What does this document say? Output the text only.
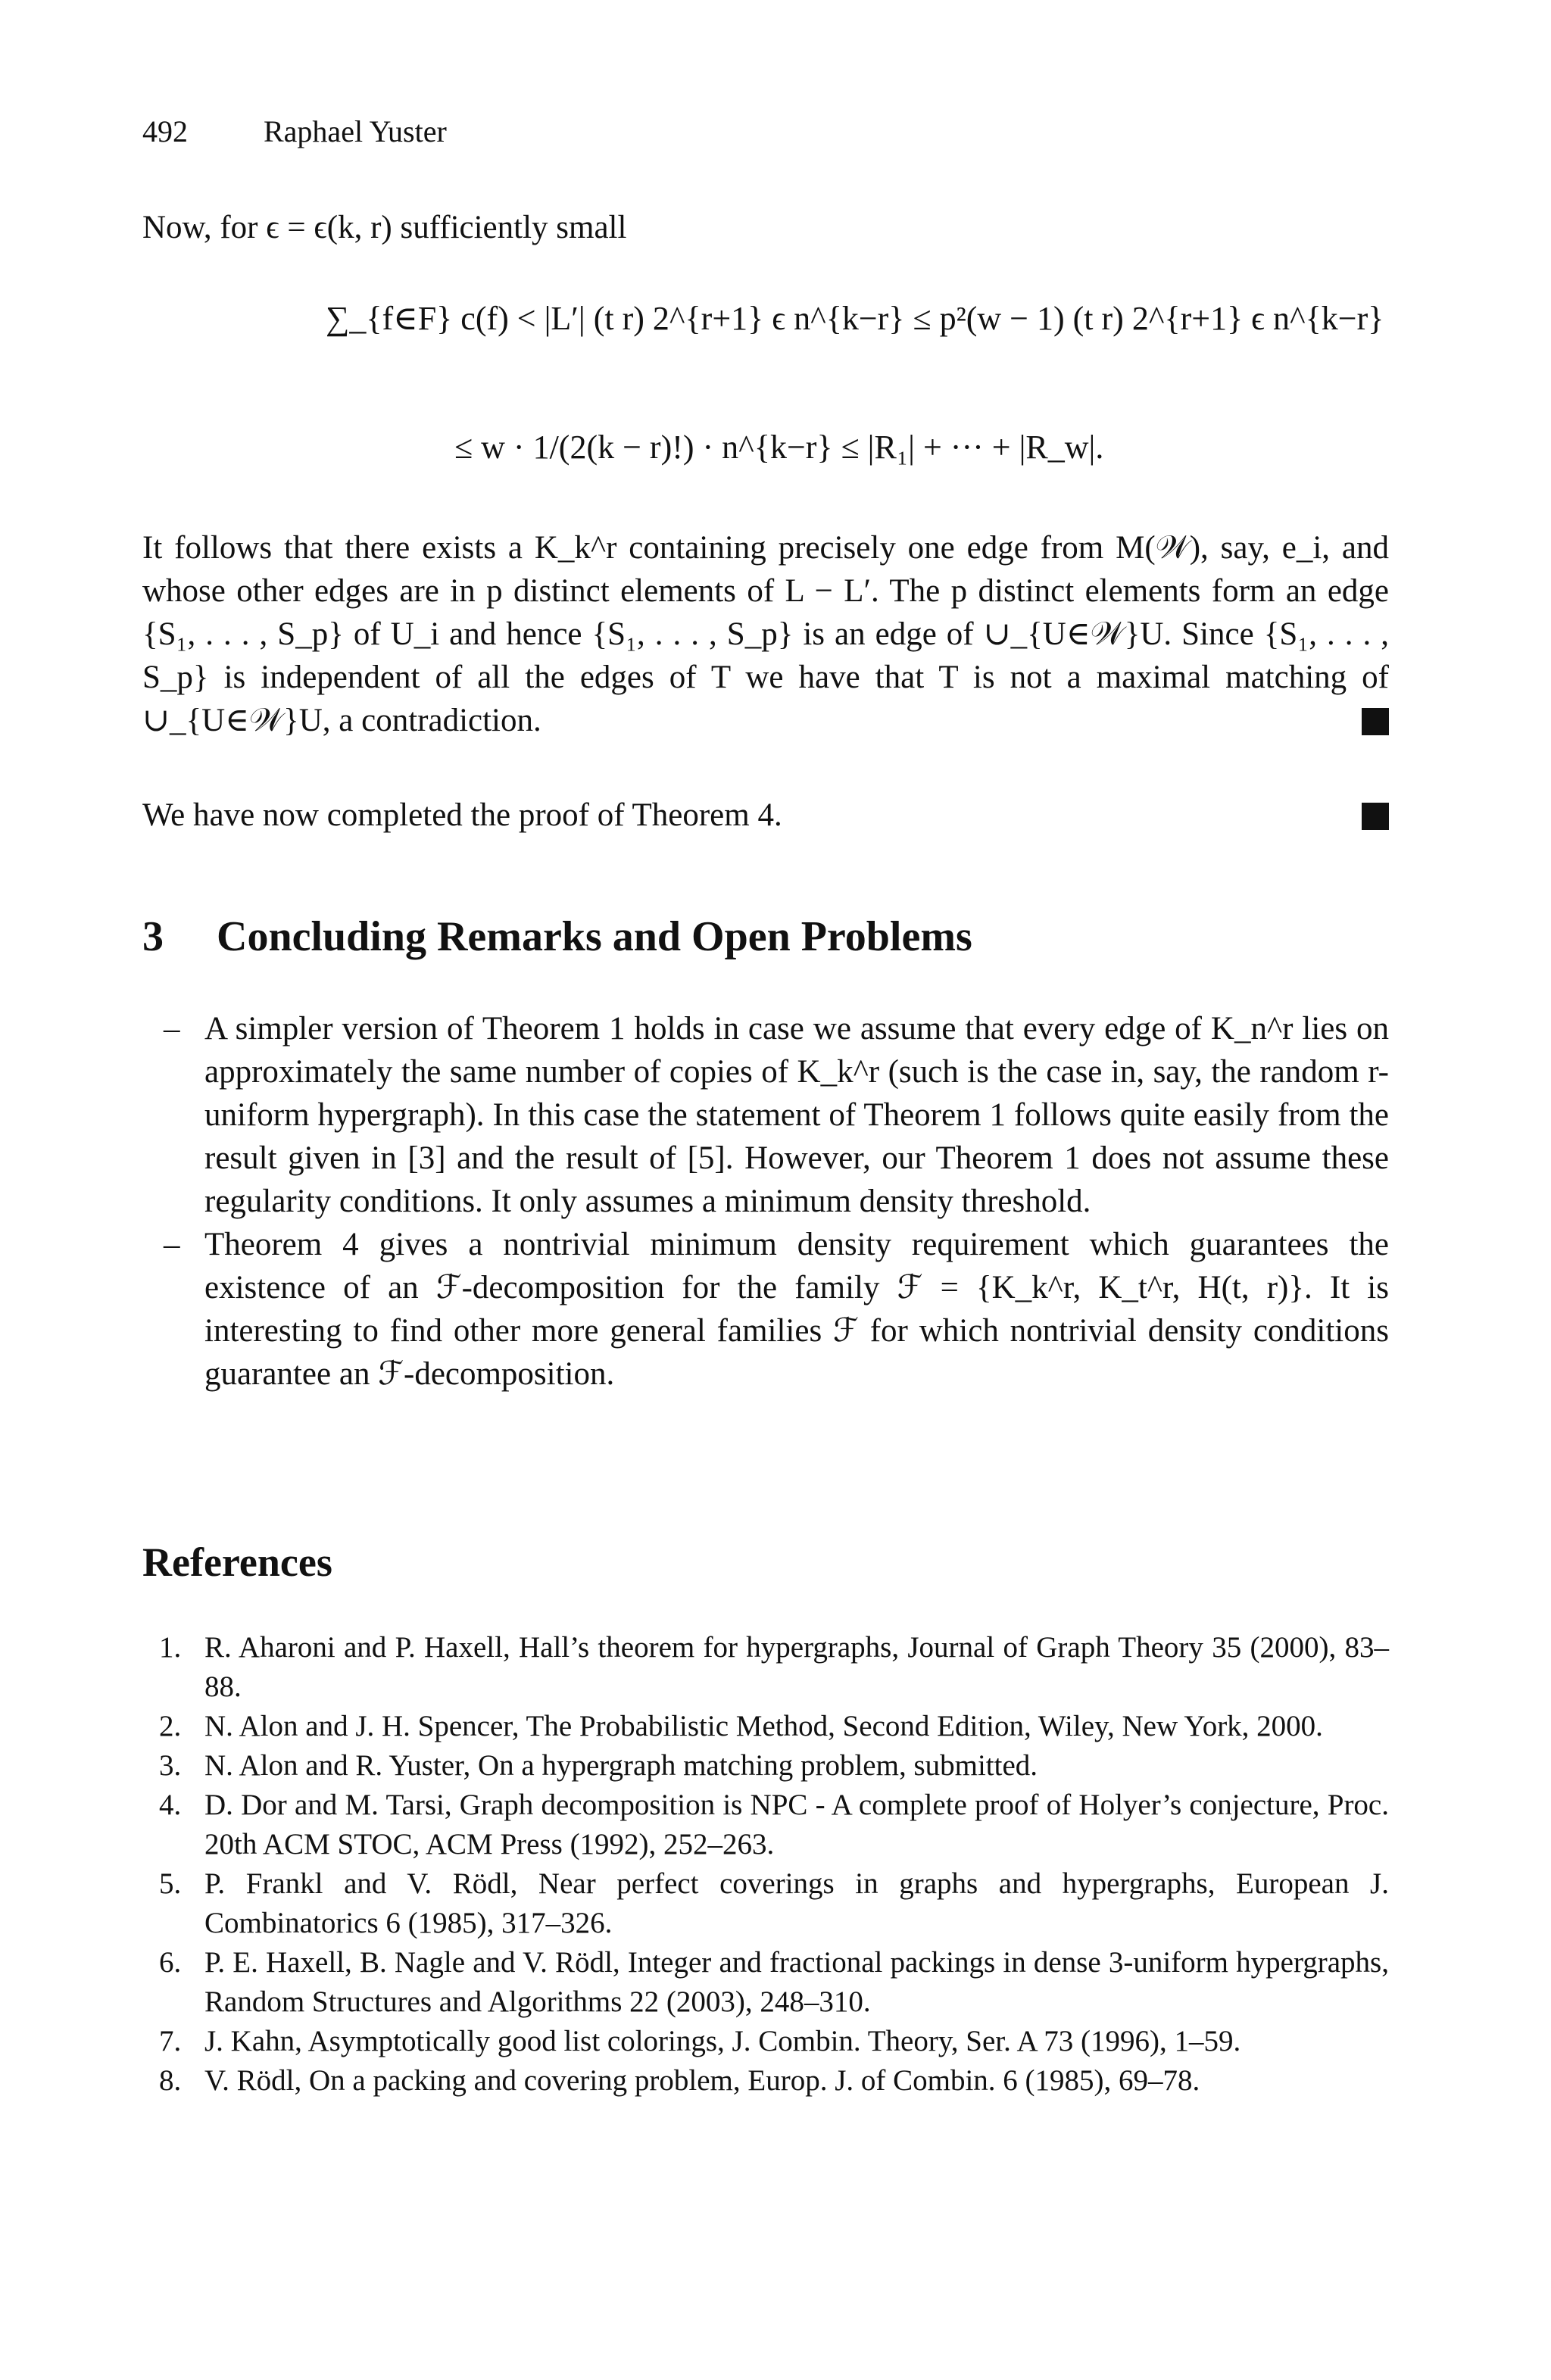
492	Raphael Yuster
Now, for ϵ = ϵ(k, r) sufficiently small
∑_{f∈F} c(f) < |L′| (t r) 2^{r+1} ϵ n^{k−r} ≤ p²(w − 1) (t r) 2^{r+1} ϵ n^{k−r}
≤ w · 1/(2(k − r)!) · n^{k−r} ≤ |R₁| + ··· + |R_w|.
It follows that there exists a K_k^r containing precisely one edge from M(𝒲), say, e_i, and whose other edges are in p distinct elements of L − L′. The p distinct elements form an edge {S₁, . . . , S_p} of U_i and hence {S₁, . . . , S_p} is an edge of ∪_{U∈𝒲}U. Since {S₁, . . . , S_p} is independent of all the edges of T we have that T is not a maximal matching of ∪_{U∈𝒲}U, a contradiction.
We have now completed the proof of Theorem 4.
3 Concluding Remarks and Open Problems
– A simpler version of Theorem 1 holds in case we assume that every edge of K_n^r lies on approximately the same number of copies of K_k^r (such is the case in, say, the random r-uniform hypergraph). In this case the statement of Theorem 1 follows quite easily from the result given in [3] and the result of [5]. However, our Theorem 1 does not assume these regularity conditions. It only assumes a minimum density threshold.
– Theorem 4 gives a nontrivial minimum density requirement which guarantees the existence of an ℱ-decomposition for the family ℱ = {K_k^r, K_t^r, H(t, r)}. It is interesting to find other more general families ℱ for which nontrivial density conditions guarantee an ℱ-decomposition.
References
1. R. Aharoni and P. Haxell, Hall’s theorem for hypergraphs, Journal of Graph Theory 35 (2000), 83–88.
2. N. Alon and J. H. Spencer, The Probabilistic Method, Second Edition, Wiley, New York, 2000.
3. N. Alon and R. Yuster, On a hypergraph matching problem, submitted.
4. D. Dor and M. Tarsi, Graph decomposition is NPC - A complete proof of Holyer’s conjecture, Proc. 20th ACM STOC, ACM Press (1992), 252–263.
5. P. Frankl and V. Rödl, Near perfect coverings in graphs and hypergraphs, European J. Combinatorics 6 (1985), 317–326.
6. P. E. Haxell, B. Nagle and V. Rödl, Integer and fractional packings in dense 3-uniform hypergraphs, Random Structures and Algorithms 22 (2003), 248–310.
7. J. Kahn, Asymptotically good list colorings, J. Combin. Theory, Ser. A 73 (1996), 1–59.
8. V. Rödl, On a packing and covering problem, Europ. J. of Combin. 6 (1985), 69–78.
